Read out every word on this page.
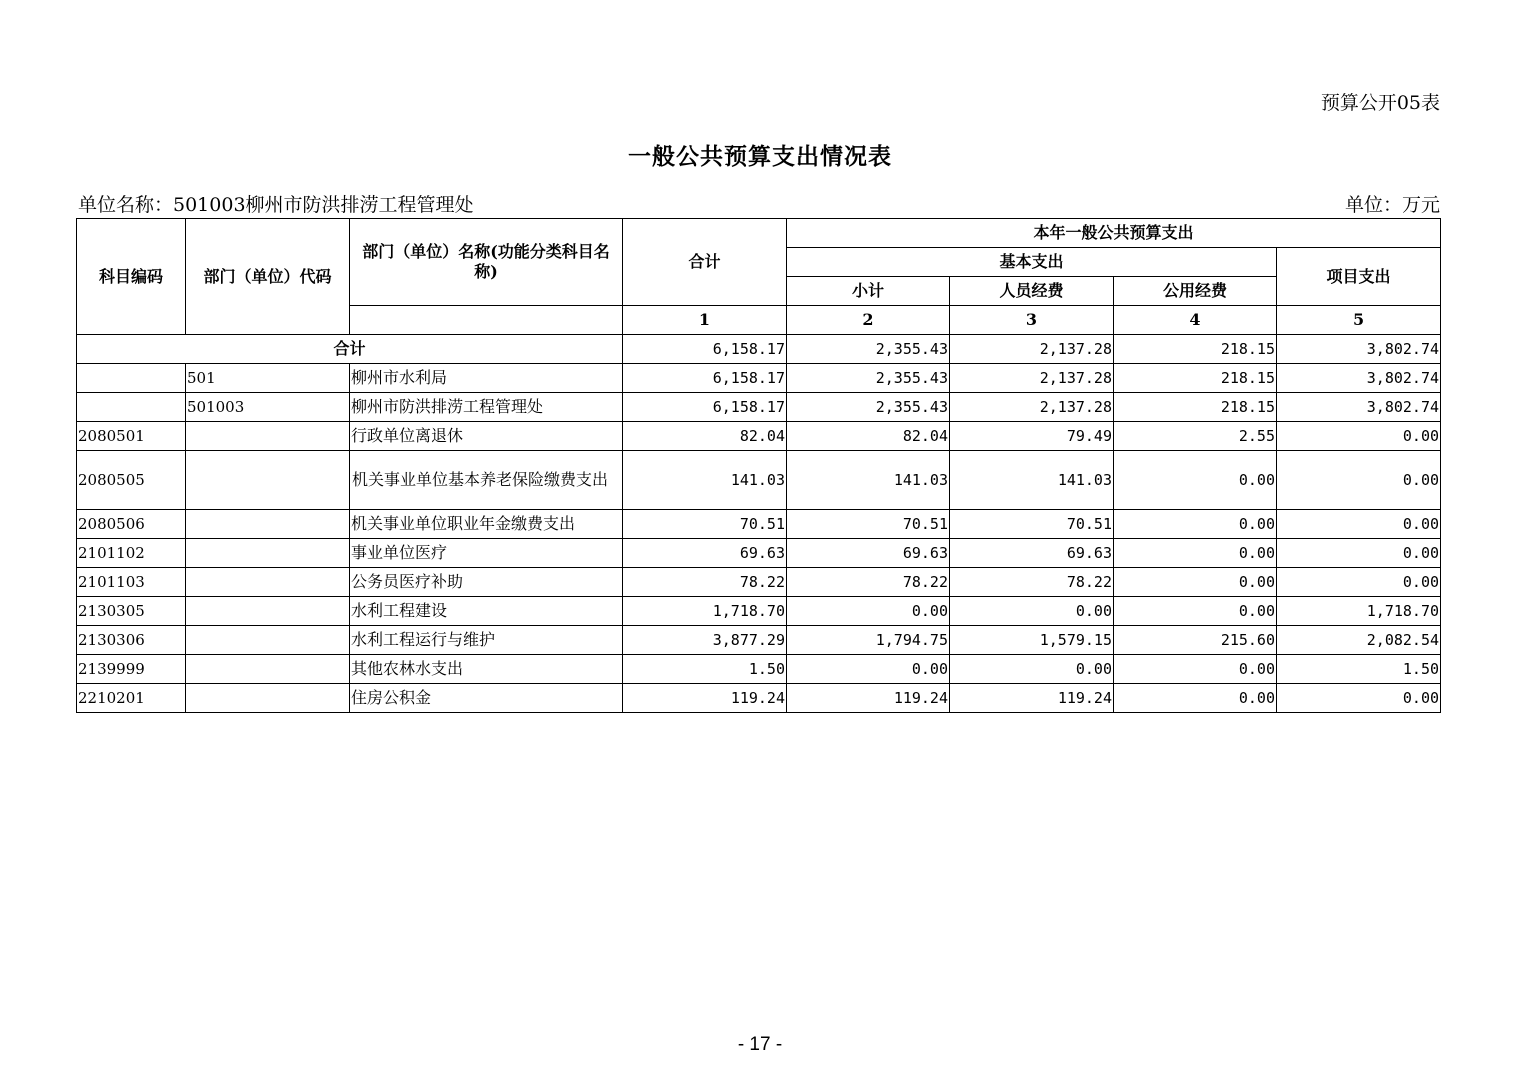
预算公开05表
一般公共预算支出情况表
单位名称：501003柳州市防洪排涝工程管理处	单位：万元
科目编码	部门（单位）代码	部门（单位）名称(功能分类科目名称)	合计	本年一般公共预算支出			
				基本支出			项目支出
				小计	人员经费	公用经费	
			1	2	3	4	5
合计			6,158.17	2,355.43	2,137.28	218.15	3,802.74
	501	柳州市水利局	6,158.17	2,355.43	2,137.28	218.15	3,802.74
	501003	柳州市防洪排涝工程管理处	6,158.17	2,355.43	2,137.28	218.15	3,802.74
2080501		行政单位离退休	82.04	82.04	79.49	2.55	0.00
2080505		机关事业单位基本养老保险缴费支出	141.03	141.03	141.03	0.00	0.00
2080506		机关事业单位职业年金缴费支出	70.51	70.51	70.51	0.00	0.00
2101102		事业单位医疗	69.63	69.63	69.63	0.00	0.00
2101103		公务员医疗补助	78.22	78.22	78.22	0.00	0.00
2130305		水利工程建设	1,718.70	0.00	0.00	0.00	1,718.70
2130306		水利工程运行与维护	3,877.29	1,794.75	1,579.15	215.60	2,082.54
2139999		其他农林水支出	1.50	0.00	0.00	0.00	1.50
2210201		住房公积金	119.24	119.24	119.24	0.00	0.00
- 17 -
